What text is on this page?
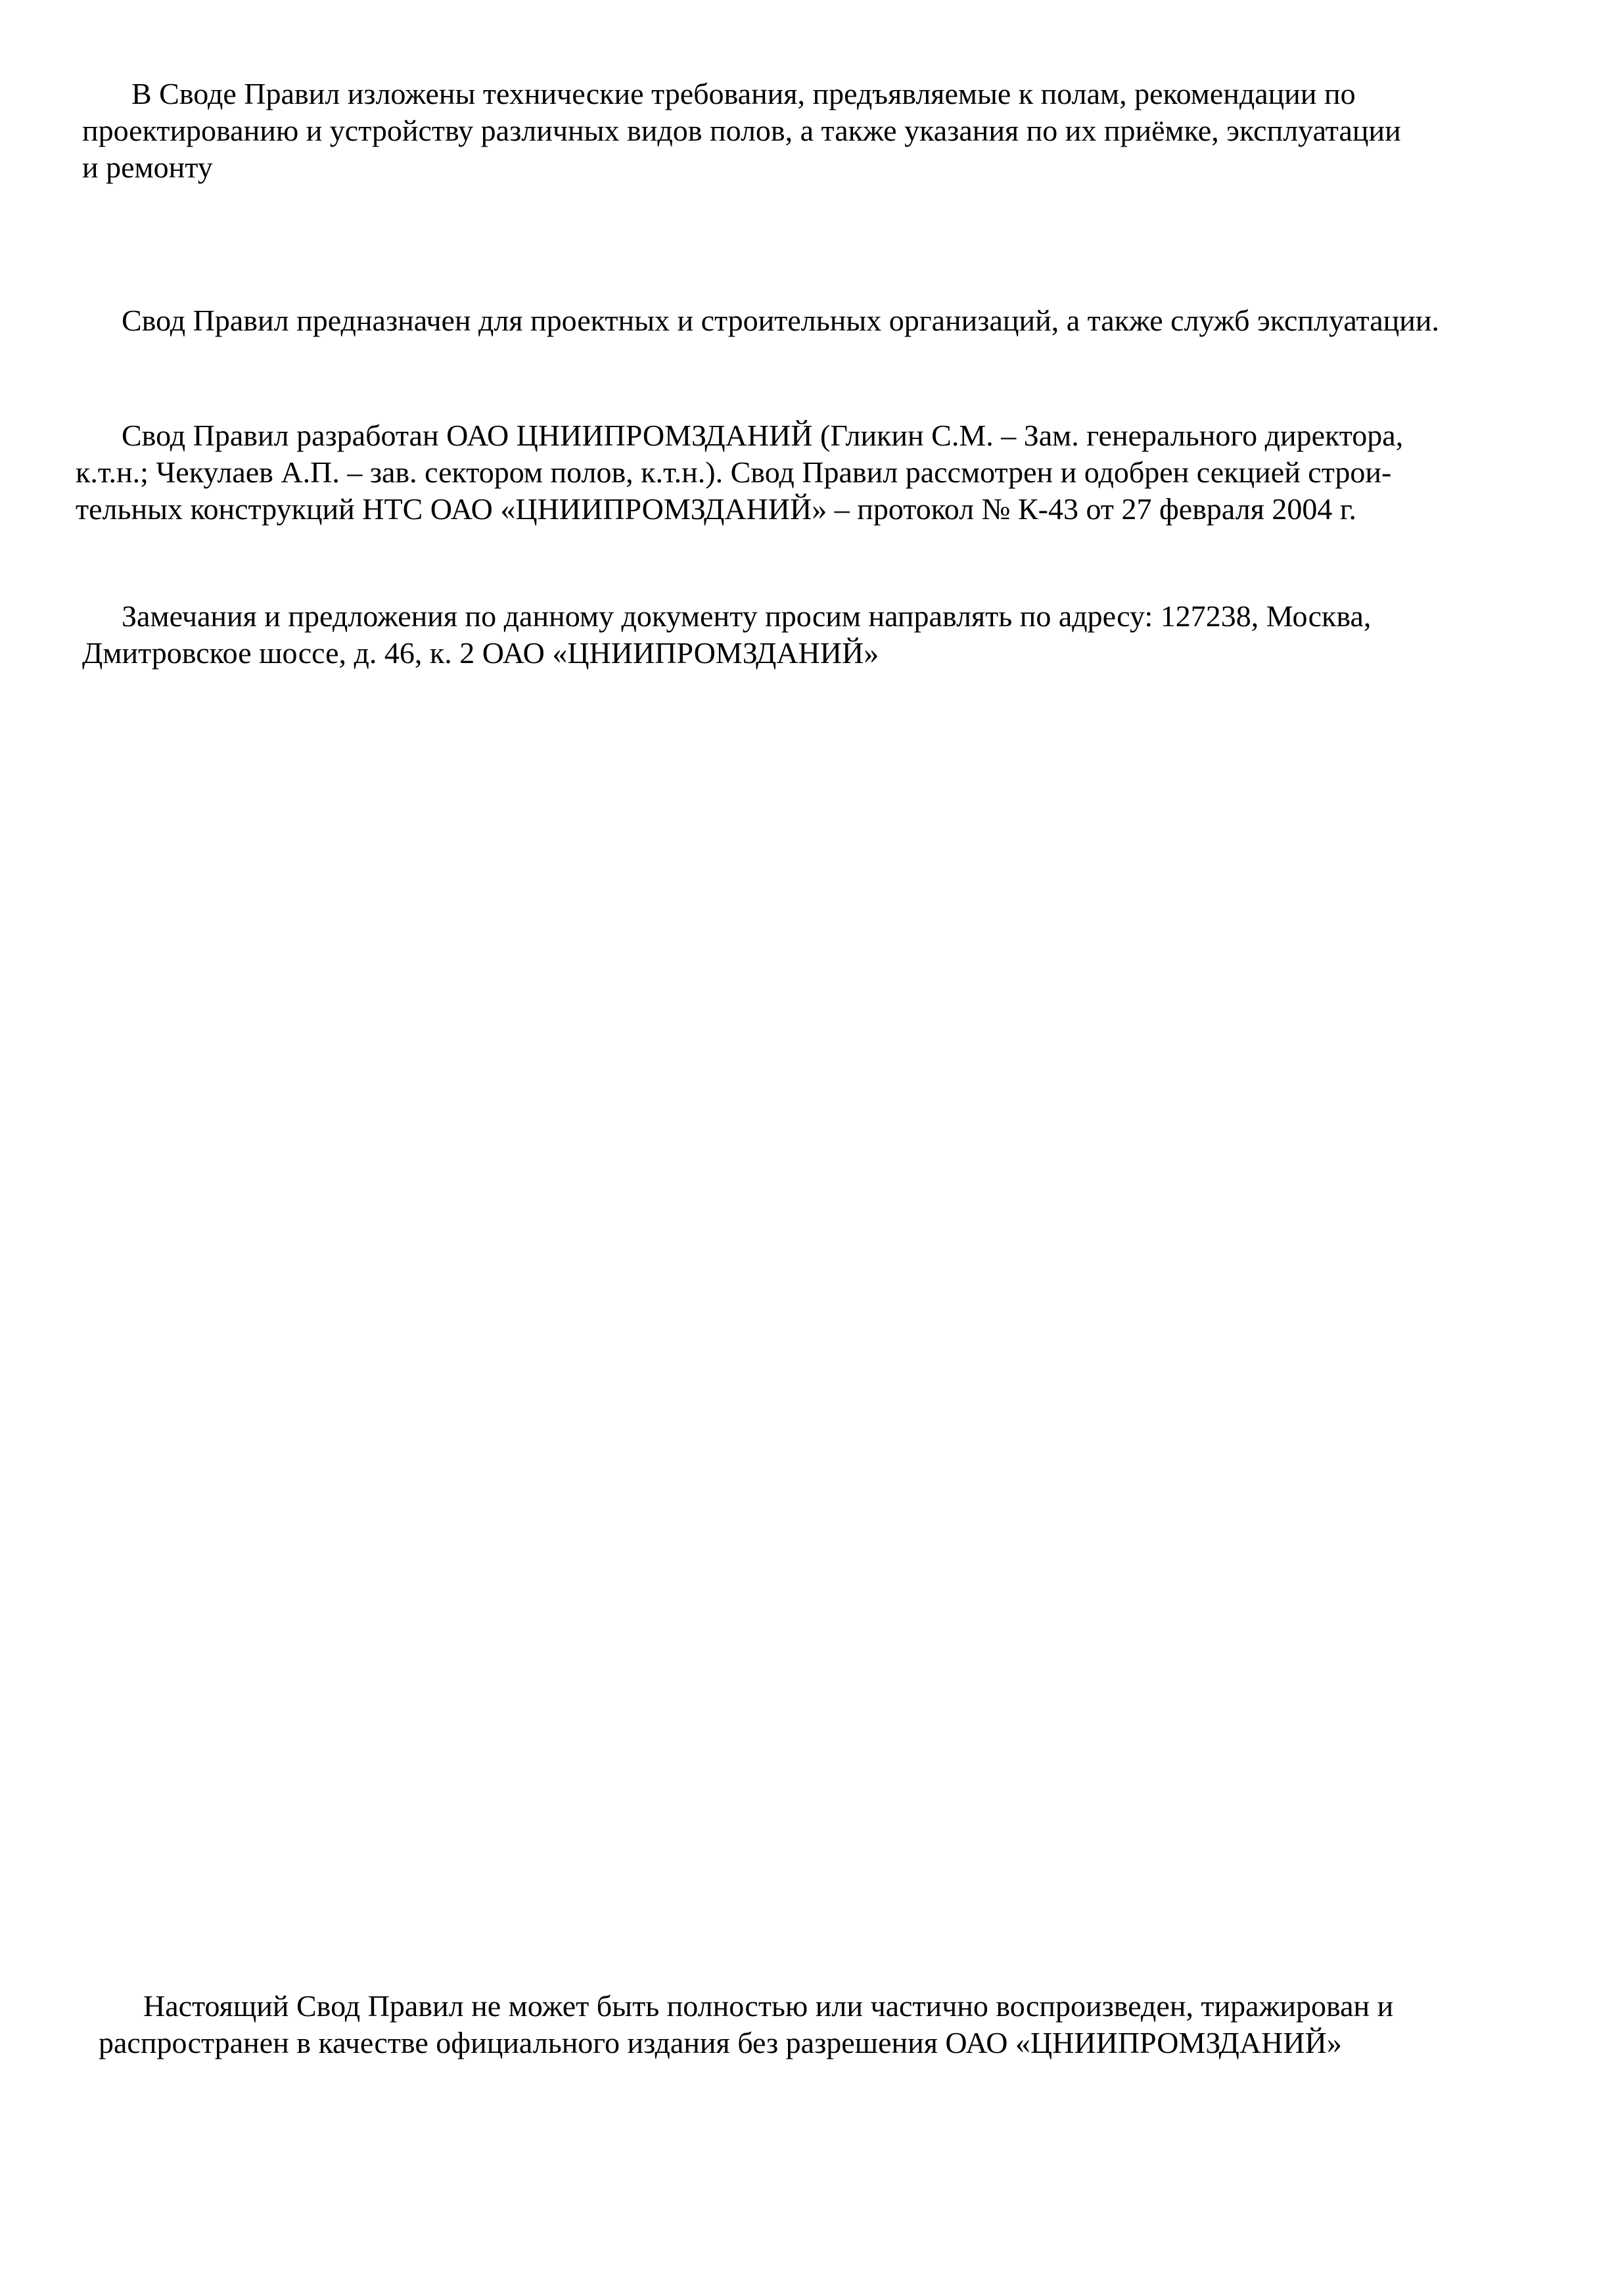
В Своде Правил изложены технические требования, предъявляемые к полам, рекомендации по
проектированию и устройству различных видов полов, а также указания по их приёмке, эксплуатации
и ремонту

Свод Правил предназначен для проектных и строительных организаций, а также служб эксплуатации.

Свод Правил разработан ОАО ЦНИИПРОМЗДАНИЙ (Гликин С.М. – Зам. генерального директора,
к.т.н.; Чекулаев А.П. – зав. сектором полов, к.т.н.). Свод Правил рассмотрен и одобрен секцией строи-
тельных конструкций НТС ОАО «ЦНИИПРОМЗДАНИЙ» – протокол № К-43 от 27 февраля 2004 г.

Замечания и предложения по данному документу просим направлять по адресу: 127238, Москва,
Дмитровское шоссе, д. 46, к. 2 ОАО «ЦНИИПРОМЗДАНИЙ»

Настоящий Свод Правил не может быть полностью или частично воспроизведен, тиражирован и
распространен в качестве официального издания без разрешения ОАО «ЦНИИПРОМЗДАНИЙ»
